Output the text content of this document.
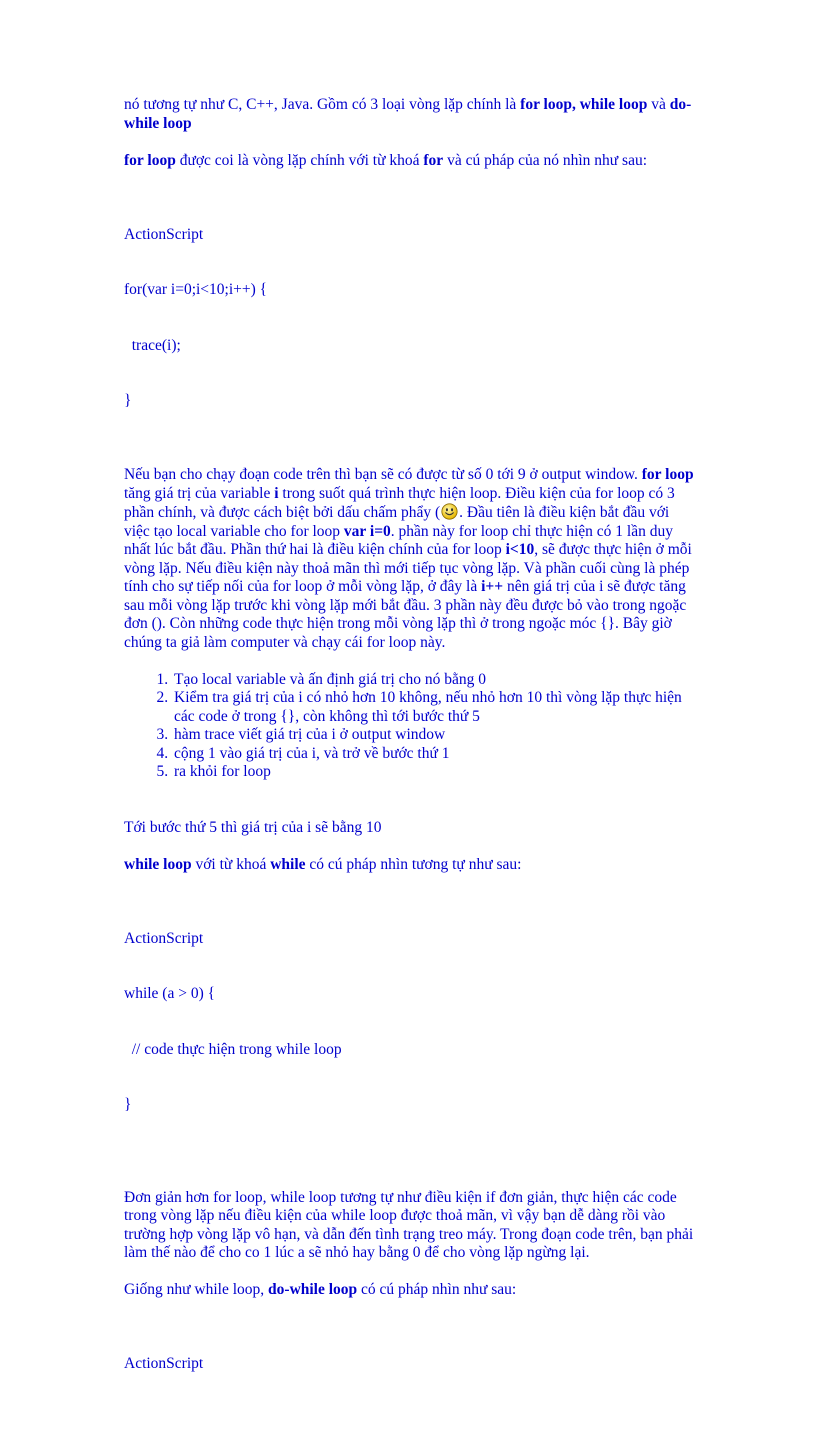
nó tương tự như C, C++, Java. Gồm có 3 loại vòng lặp chính là for loop, while loop và do-while loop

for loop được coi là vòng lặp chính với từ khoá for và cú pháp của nó nhìn như sau:

ActionScript

for(var i=0;i<10;i++) {

trace(i);

}

Nếu bạn cho chạy đoạn code trên thì bạn sẽ có được từ số 0 tới 9 ở output window. for loop tăng giá trị của variable i trong suốt quá trình thực hiện loop. Điều kiện của for loop có 3 phần chính, và được cách biệt bởi dấu chấm phẩy ( . Đầu tiên là điều kiện bắt đầu với việc tạo local variable cho for loop var i=0. phần này for loop chỉ thực hiện có 1 lần duy nhất lúc bắt đầu. Phần thứ hai là điều kiện chính của for loop i<10, sẽ được thực hiện ở mỗi vòng lặp. Nếu điều kiện này thoả mãn thì mới tiếp tục vòng lặp. Và phần cuối cùng là phép tính cho sự tiếp nối của for loop ở mỗi vòng lặp, ở đây là i++ nên giá trị của i sẽ được tăng sau mỗi vòng lặp trước khi vòng lặp mới bắt đầu. 3 phần này đều được bỏ vào trong ngoặc đơn (). Còn những code thực hiện trong mỗi vòng lặp thì ở trong ngoặc móc {}. Bây giờ chúng ta giả làm computer và chạy cái for loop này.

1. Tạo local variable và ấn định giá trị cho nó bằng 0
2. Kiểm tra giá trị của i có nhỏ hơn 10 không, nếu nhỏ hơn 10 thì vòng lặp thực hiện các code ở trong {}, còn không thì tới bước thứ 5
3. hàm trace viết giá trị của i ở output window
4. cộng 1 vào giá trị của i, và trở về bước thứ 1
5. ra khỏi for loop

Tới bước thứ 5 thì giá trị của i sẽ bằng 10

while loop với từ khoá while có cú pháp nhìn tương tự như sau:

ActionScript

while (a > 0) {

// code thực hiện trong while loop

}

Đơn giản hơn for loop, while loop tương tự như điều kiện if đơn giản, thực hiện các code trong vòng lặp nếu điều kiện của while loop được thoả mãn, vì vậy bạn dễ dàng rồi vào trường hợp vòng lặp vô hạn, và dẫn đến tình trạng treo máy. Trong đoạn code trên, bạn phải làm thế nào để cho co 1 lúc a sẽ nhỏ hay bằng 0 để cho vòng lặp ngừng lại.

Giống như while loop, do-while loop có cú pháp nhìn như sau:

ActionScript
